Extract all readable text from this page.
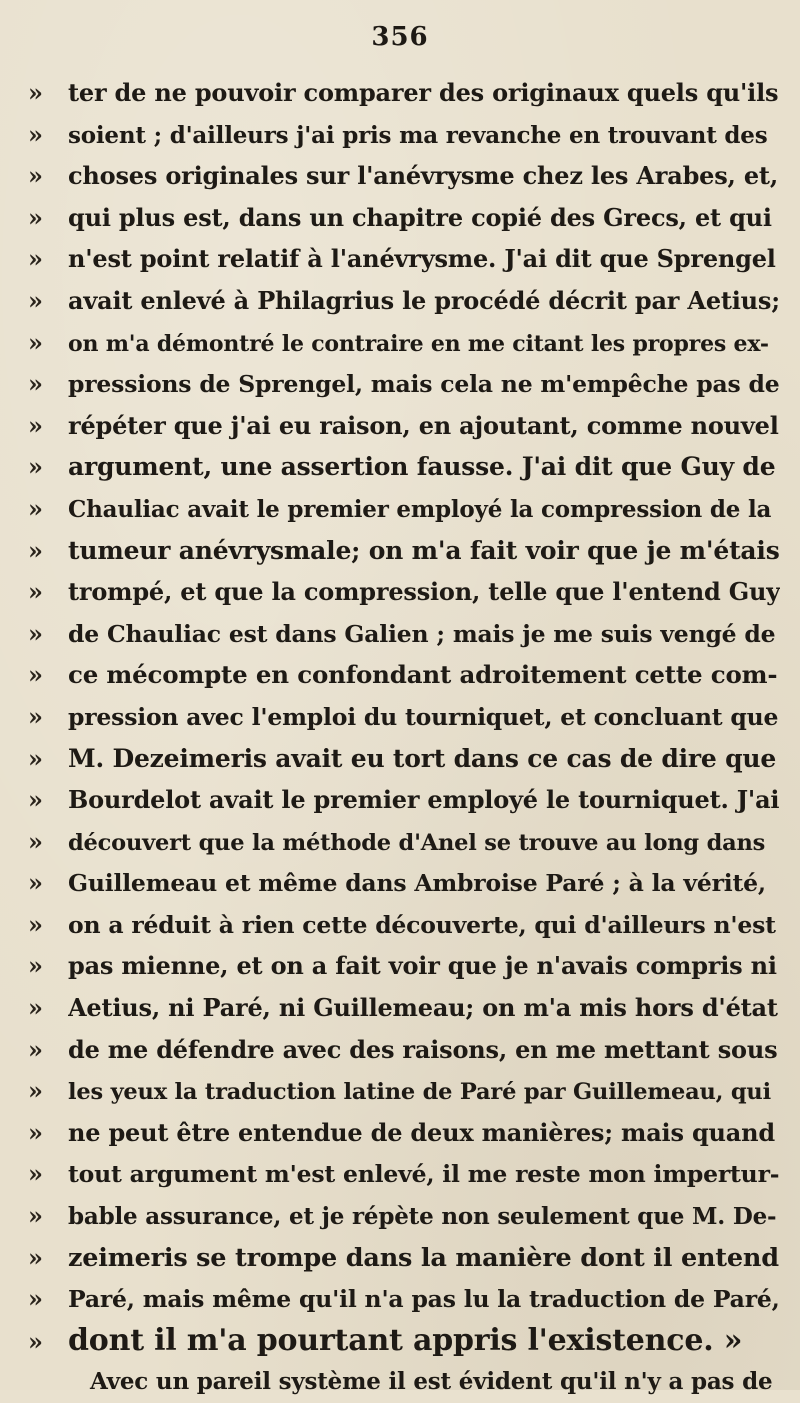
356
»	ter de ne pouvoir comparer des originaux quels qu'ils
»	soient ; d'ailleurs j'ai pris ma revanche en trouvant des
»	choses originales sur l'anévrysme chez les Arabes, et,
»	qui plus est, dans un chapitre copié des Grecs, et qui
»	n'est point relatif à l'anévrysme. J'ai dit que Sprengel
»	avait enlevé à Philagrius le procédé décrit par Aetius;
»	on m'a démontré le contraire en me citant les propres ex-
»	pressions de Sprengel, mais cela ne m'empêche pas de
»	répéter que j'ai eu raison, en ajoutant, comme nouvel
»	argument, une assertion fausse. J'ai dit que Guy de
»	Chauliac avait le premier employé la compression de la
»	tumeur anévrysmale; on m'a fait voir que je m'étais
»	trompé, et que la compression, telle que l'entend Guy
»	de Chauliac est dans Galien ; mais je me suis vengé de
»	ce mécompte en confondant adroitement cette com-
»	pression avec l'emploi du tourniquet, et concluant que
»	M. Dezeimeris avait eu tort dans ce cas de dire que
»	Bourdelot avait le premier employé le tourniquet. J'ai
»	découvert que la méthode d'Anel se trouve au long dans
»	Guillemeau et même dans Ambroise Paré ; à la vérité,
»	on a réduit à rien cette découverte, qui d'ailleurs n'est
»	pas mienne, et on a fait voir que je n'avais compris ni
»	Aetius, ni Paré, ni Guillemeau; on m'a mis hors d'état
»	de me défendre avec des raisons, en me mettant sous
»	les yeux la traduction latine de Paré par Guillemeau, qui
»	ne peut être entendue de deux manières; mais quand
»	tout argument m'est enlevé, il me reste mon impertur-
»	bable assurance, et je répète non seulement que M. De-
» zeimeris se trompe dans la manière dont il entend
»	Paré, mais même qu'il n'a pas lu la traduction de Paré,
» dont il m'a pourtant appris l'existence. »
Avec un pareil système il est évident qu'il n'y a pas de
